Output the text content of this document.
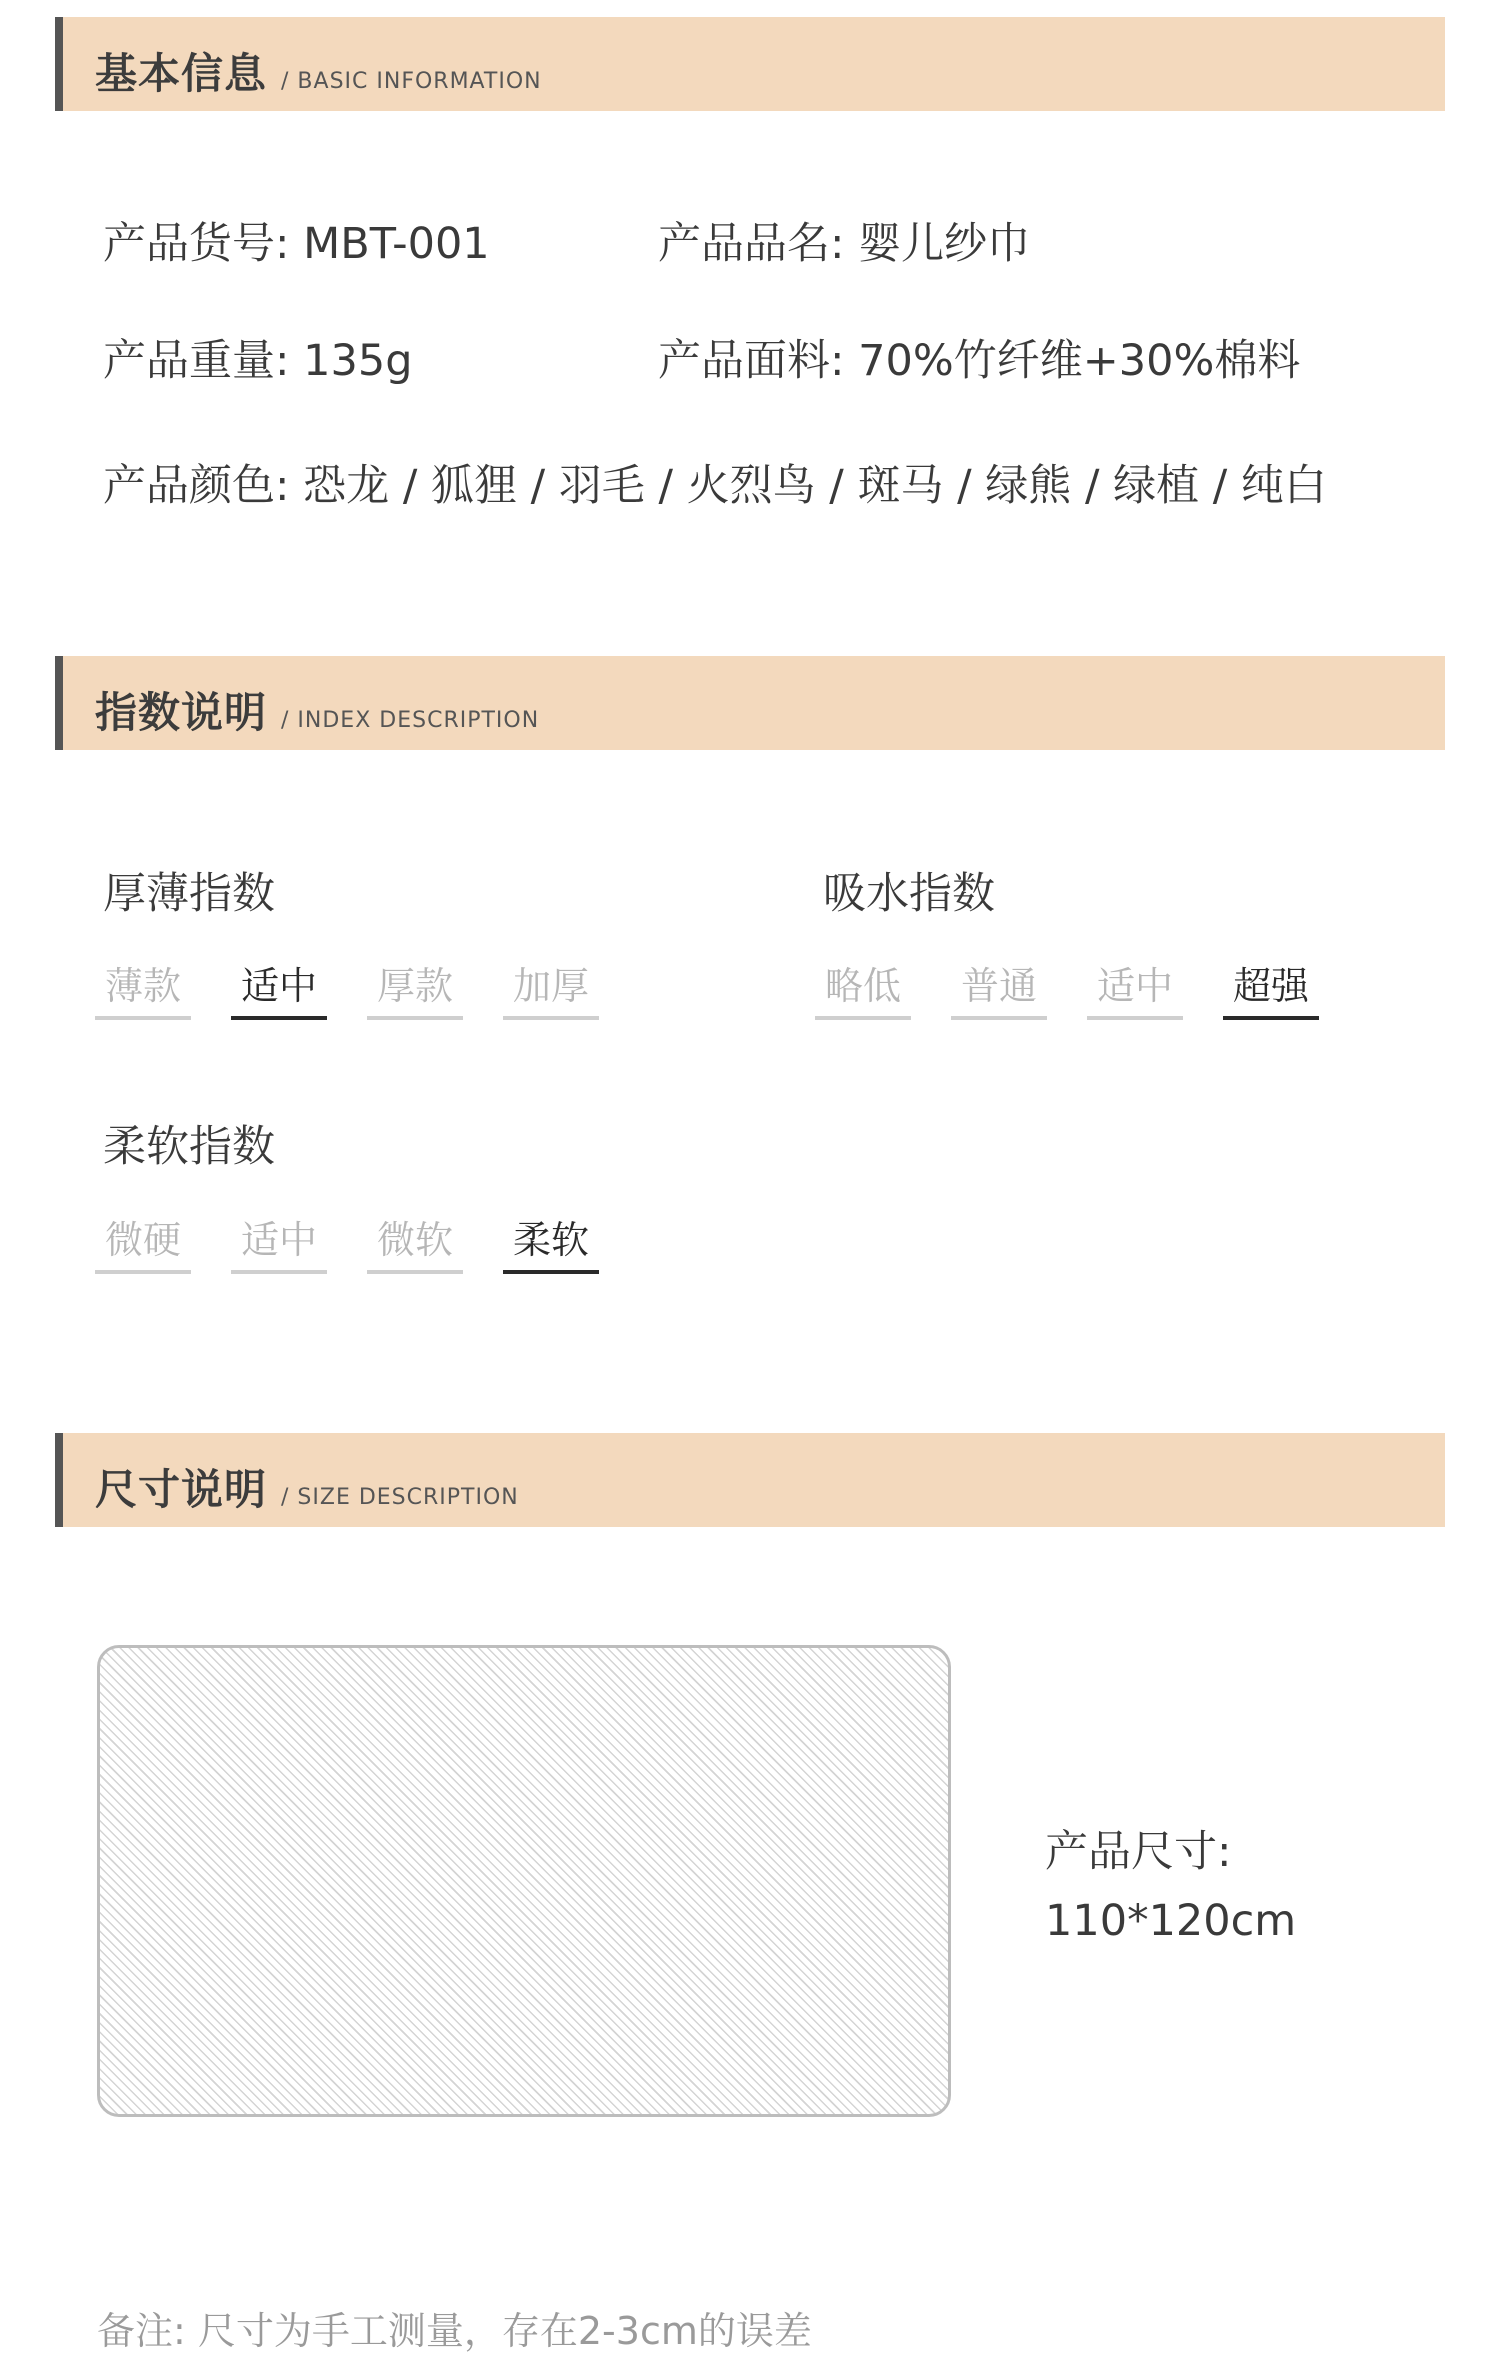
基本信息 / BASIC INFORMATION
产品货号: MBT-001	产品品名: 婴儿纱巾
产品重量: 135g	产品面料: 70%竹纤维+30%棉料
产品颜色: 恐龙 / 狐狸 / 羽毛 / 火烈鸟 / 斑马 / 绿熊 / 绿植 / 纯白
指数说明 / INDEX DESCRIPTION
厚薄指数
薄款 适中 厚款 加厚
吸水指数
略低 普通 适中 超强
柔软指数
微硬 适中 微软 柔软
尺寸说明 / SIZE DESCRIPTION
产品尺寸:
110*120cm
备注: 尺寸为手工测量，存在2-3cm的误差
